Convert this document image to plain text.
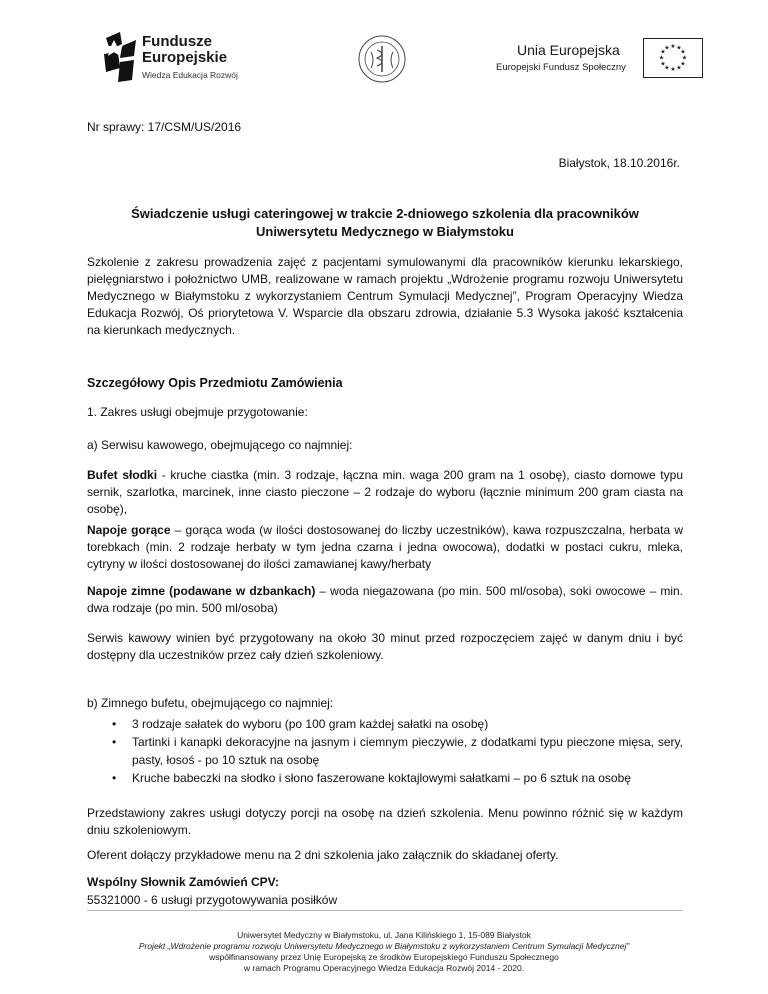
Fundusze
Europejskie
Wiedza Edukacja Rozwój
Unia Europejska
Europejski Fundusz Społeczny
★ ★
★
★
★
★
★
★
★
★
★
★
Nr sprawy: 17/CSM/US/2016
Białystok, 18.10.2016r.
Świadczenie usługi cateringowej w trakcie 2-dniowego szkolenia dla pracowników
Uniwersytetu Medycznego w Białymstoku
Szkolenie z zakresu prowadzenia zajęć z pacjentami symulowanymi dla pracowników kierunku lekarskiego, pielęgniarstwo i położnictwo UMB, realizowane w ramach projektu „Wdrożenie programu rozwoju Uniwersytetu Medycznego w Białymstoku z wykorzystaniem Centrum Symulacji Medycznej”, Program Operacyjny Wiedza Edukacja Rozwój, Oś priorytetowa V. Wsparcie dla obszaru zdrowia, działanie 5.3 Wysoka jakość kształcenia na kierunkach medycznych.
Szczegółowy Opis Przedmiotu Zamówienia
1. Zakres usługi obejmuje przygotowanie:
a) Serwisu kawowego, obejmującego co najmniej:
Bufet słodki - kruche ciastka (min. 3 rodzaje, łączna min. waga 200 gram na 1 osobę), ciasto domowe typu sernik, szarlotka, marcinek, inne ciasto pieczone – 2 rodzaje do wyboru (łącznie minimum 200 gram ciasta na osobę),
Napoje gorące – gorąca woda (w ilości dostosowanej do liczby uczestników), kawa rozpuszczalna, herbata w torebkach (min. 2 rodzaje herbaty w tym jedna czarna i jedna owocowa), dodatki w postaci cukru, mleka, cytryny w ilości dostosowanej do ilości zamawianej kawy/herbaty
Napoje zimne (podawane w dzbankach) – woda niegazowana (po min. 500 ml/osoba), soki owocowe – min. dwa rodzaje (po min. 500 ml/osoba)
Serwis kawowy winien być przygotowany na około 30 minut przed rozpoczęciem zajęć w danym dniu i być dostępny dla uczestników przez cały dzień szkoleniowy.
b) Zimnego bufetu, obejmującego co najmniej:
• 3 rodzaje sałatek do wyboru (po 100 gram każdej sałatki na osobę)
• Tartinki i kanapki dekoracyjne na jasnym i ciemnym pieczywie, z dodatkami typu pieczone mięsa, sery, pasty, łosoś - po 10 sztuk na osobę
• Kruche babeczki na słodko i słono faszerowane koktajlowymi sałatkami – po 6 sztuk na osobę
Przedstawiony zakres usługi dotyczy porcji na osobę na dzień szkolenia. Menu powinno różnić się w każdym dniu szkoleniowym.
Oferent dołączy przykładowe menu na 2 dni szkolenia jako załącznik do składanej oferty.
Wspólny Słownik Zamówień CPV:
55321000 - 6 usługi przygotowywania posiłków
Uniwersytet Medyczny w Białymstoku, ul. Jana Kilińskiego 1, 15-089 Białystok
Projekt „Wdrożenie programu rozwoju Uniwersytetu Medycznego w Białymstoku z wykorzystaniem Centrum Symulacji Medycznej”
współfinansowany przez Unię Europejską ze środków Europejskiego Funduszu Społecznego
w ramach Programu Operacyjnego Wiedza Edukacja Rozwój 2014 - 2020.
